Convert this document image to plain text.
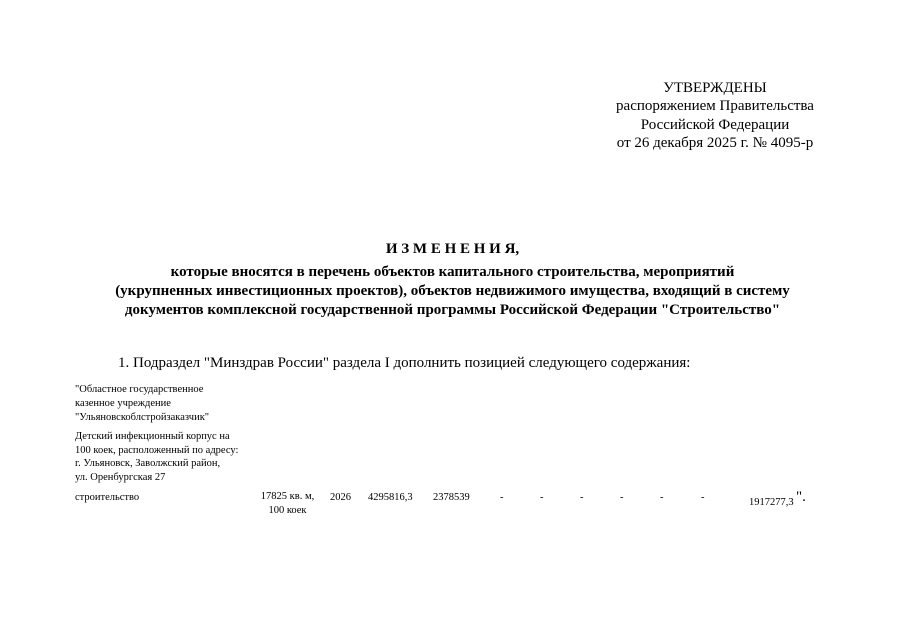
УТВЕРЖДЕНЫ
распоряжением Правительства
Российской Федерации
от 26 декабря 2025 г. № 4095-р
И З М Е Н Е Н И Я,
которые вносятся в перечень объектов капитального строительства, мероприятий
(укрупненных инвестиционных проектов), объектов недвижимого имущества, входящий в систему
документов комплексной государственной программы Российской Федерации "Строительство"
1. Подраздел "Минздрав России" раздела I дополнить позицией следующего содержания:
"Областное государственное
казенное учреждение
"Ульяновскоблстройзаказчик"
Детский инфекционный корпус на
100 коек, расположенный по адресу:
г. Ульяновск, Заволжский район,
ул. Оренбургская 27
строительство	17825 кв. м,
100 коек
2026 4295816,3 2378539	-	-	-	-	-	-	1917277,3 ".
